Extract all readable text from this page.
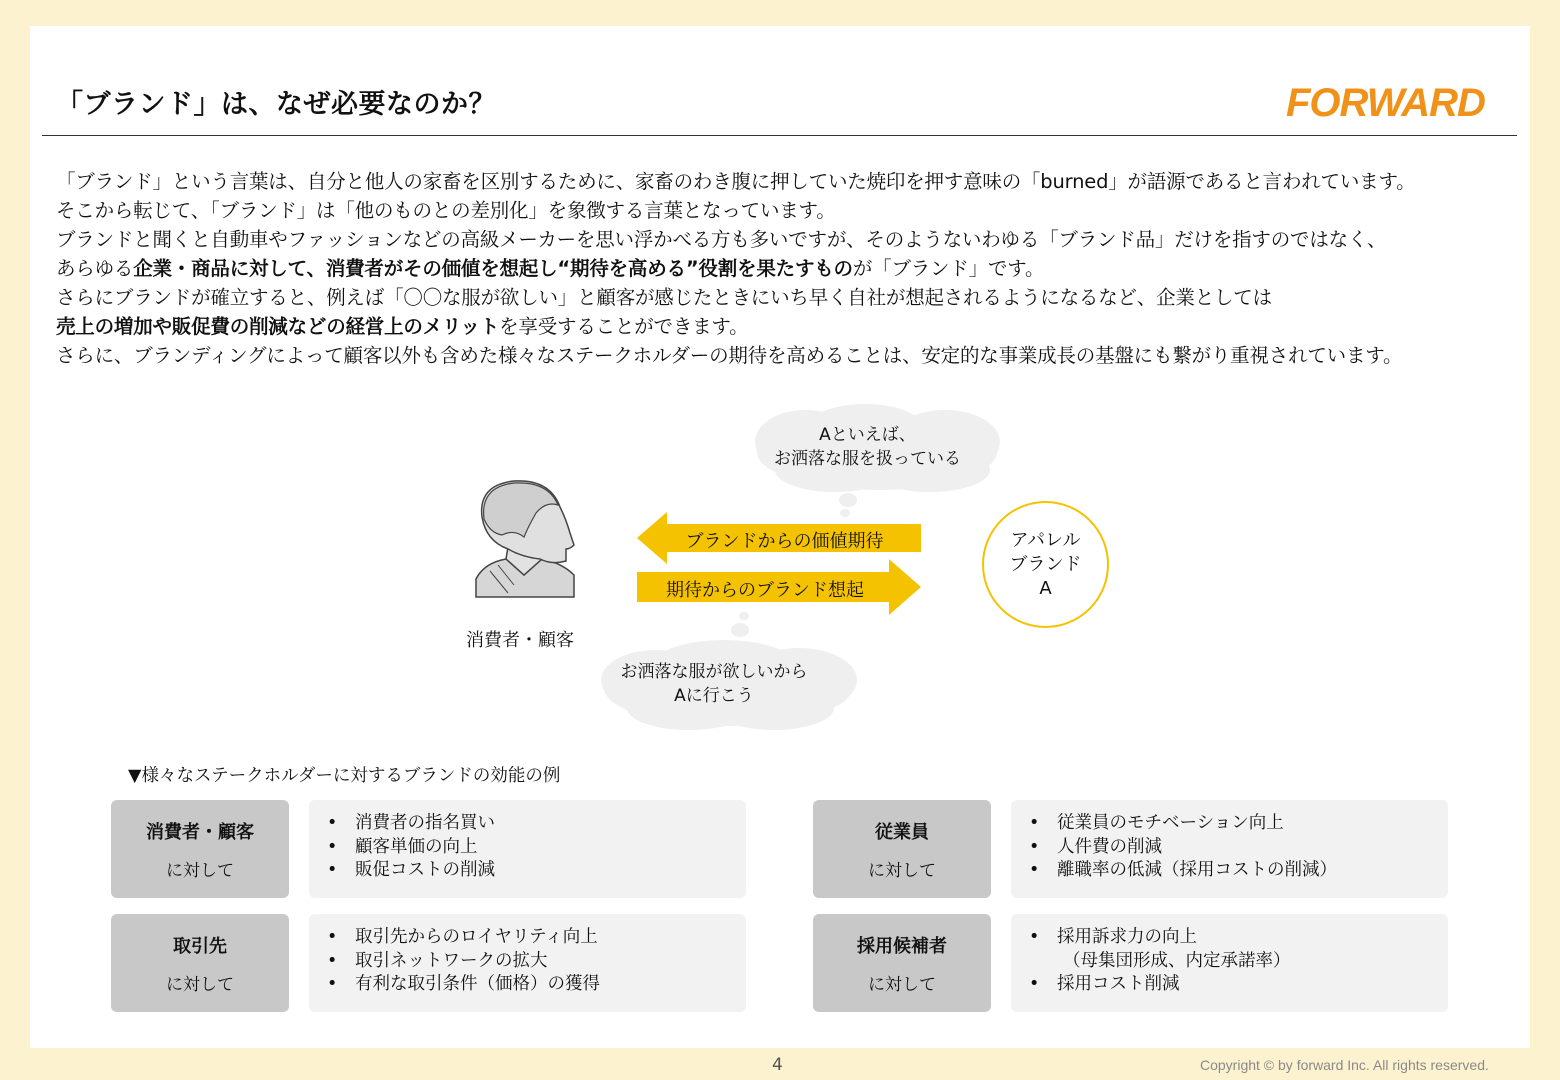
「ブランド」は、なぜ必要なのか？	FORWARD

「ブランド」という言葉は、自分と他人の家畜を区別するために、家畜のわき腹に押していた焼印を押す意味の「burned」が語源であると言われています。

そこから転じて、「ブランド」は「他のものとの差別化」を象徴する言葉となっています。

ブランドと聞くと自動車やファッションなどの高級メーカーを思い浮かべる方も多いですが、そのようないわゆる「ブランド品」だけを指すのではなく、

あらゆる企業・商品に対して、消費者がその価値を想起し“期待を高める”役割を果たすものが「ブランド」です。

さらにブランドが確立すると、例えば「〇〇な服が欲しい」と顧客が感じたときにいち早く自社が想起されるようになるなど、企業としては

売上の増加や販促費の削減などの経営上のメリットを享受することができます。

さらに、ブランディングによって顧客以外も含めた様々なステークホルダーの期待を高めることは、安定的な事業成長の基盤にも繋がり重視されています。

Aといえば、
お洒落な服を扱っている
消費者・顧客
ブランドからの価値期待
期待からのブランド想起
アパレル
ブランド
A
お洒落な服が欲しいから
Aに行こう
▼様々なステークホルダーに対するブランドの効能の例
消費者・顧客
に対して
• 消費者の指名買い
• 顧客単価の向上
• 販促コストの削減
従業員
に対して
• 従業員のモチベーション向上
• 人件費の削減
• 離職率の低減（採用コストの削減）
取引先
に対して
• 取引先からのロイヤリティ向上
• 取引ネットワークの拡大
• 有利な取引条件（価格）の獲得
採用候補者
に対して
• 採用訴求力の向上
（母集団形成、内定承諾率）
• 採用コスト削減
4	Copyright © by forward Inc. All rights reserved.
